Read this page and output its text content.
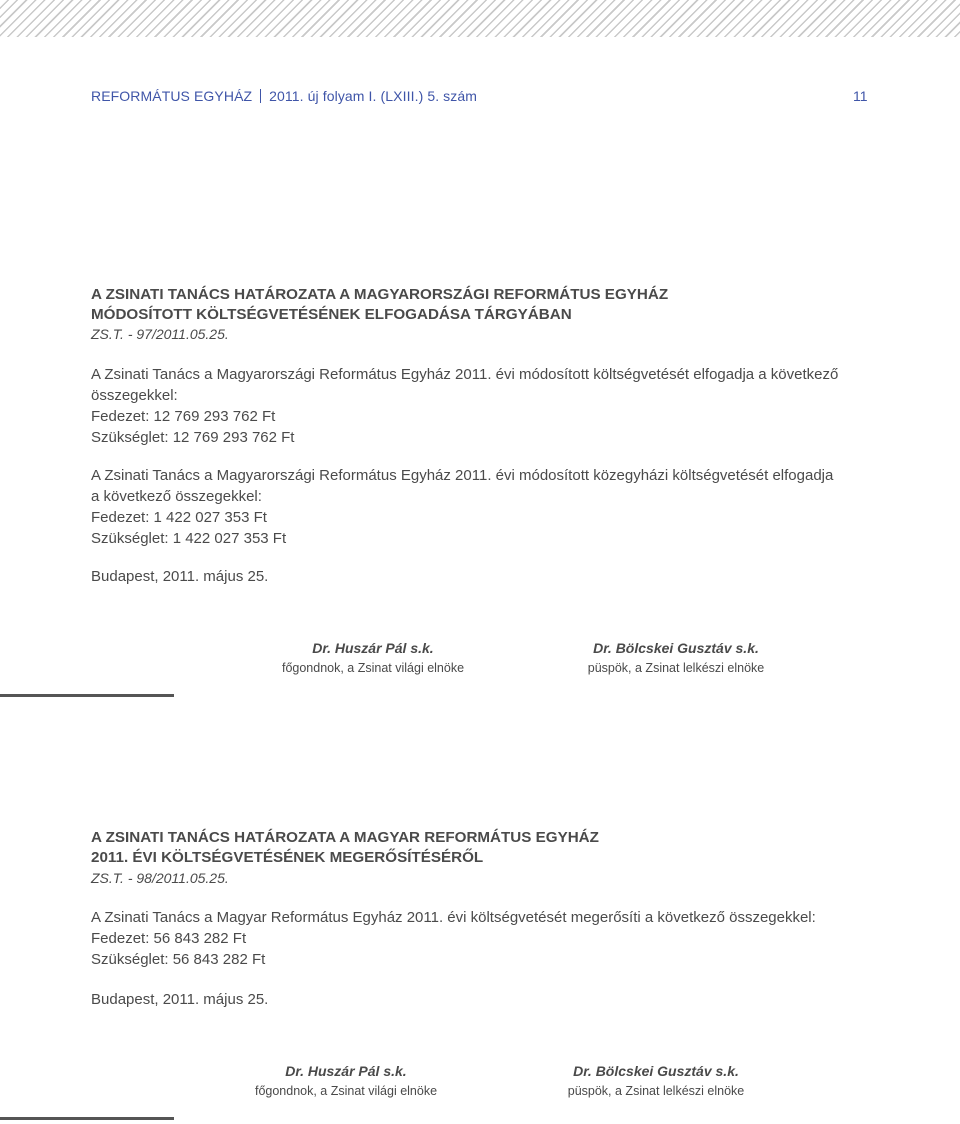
REFORMÁTUS EGYHÁZ 2011. új folyam I. (LXIII.) 5. szám	11
A ZSINATI TANÁCS HATÁROZATA A MAGYARORSZÁGI REFORMÁTUS EGYHÁZ
MÓDOSÍTOTT KÖLTSÉGVETÉSÉNEK ELFOGADÁSA TÁRGYÁBAN
ZS.T. - 97/2011.05.25.
A Zsinati Tanács a Magyarországi Református Egyház 2011. évi módosított költségvetését elfogadja a következő
összegekkel:
Fedezet: 12 769 293 762 Ft
Szükséglet: 12 769 293 762 Ft
A Zsinati Tanács a Magyarországi Református Egyház 2011. évi módosított közegyházi költségvetését elfogadja
a következő összegekkel:
Fedezet: 1 422 027 353 Ft
Szükséglet: 1 422 027 353 Ft
Budapest, 2011. május 25.
Dr. Huszár Pál s.k.
főgondnok, a Zsinat világi elnöke
Dr. Bölcskei Gusztáv s.k.
püspök, a Zsinat lelkészi elnöke
A ZSINATI TANÁCS HATÁROZATA A MAGYAR REFORMÁTUS EGYHÁZ
2011. ÉVI KÖLTSÉGVETÉSÉNEK MEGERŐSÍTÉSÉRŐL
ZS.T. - 98/2011.05.25.
A Zsinati Tanács a Magyar Református Egyház 2011. évi költségvetését megerősíti a következő összegekkel:
Fedezet: 56 843 282 Ft
Szükséglet: 56 843 282 Ft
Budapest, 2011. május 25.
Dr. Huszár Pál s.k.
főgondnok, a Zsinat világi elnöke
Dr. Bölcskei Gusztáv s.k.
püspök, a Zsinat lelkészi elnöke
